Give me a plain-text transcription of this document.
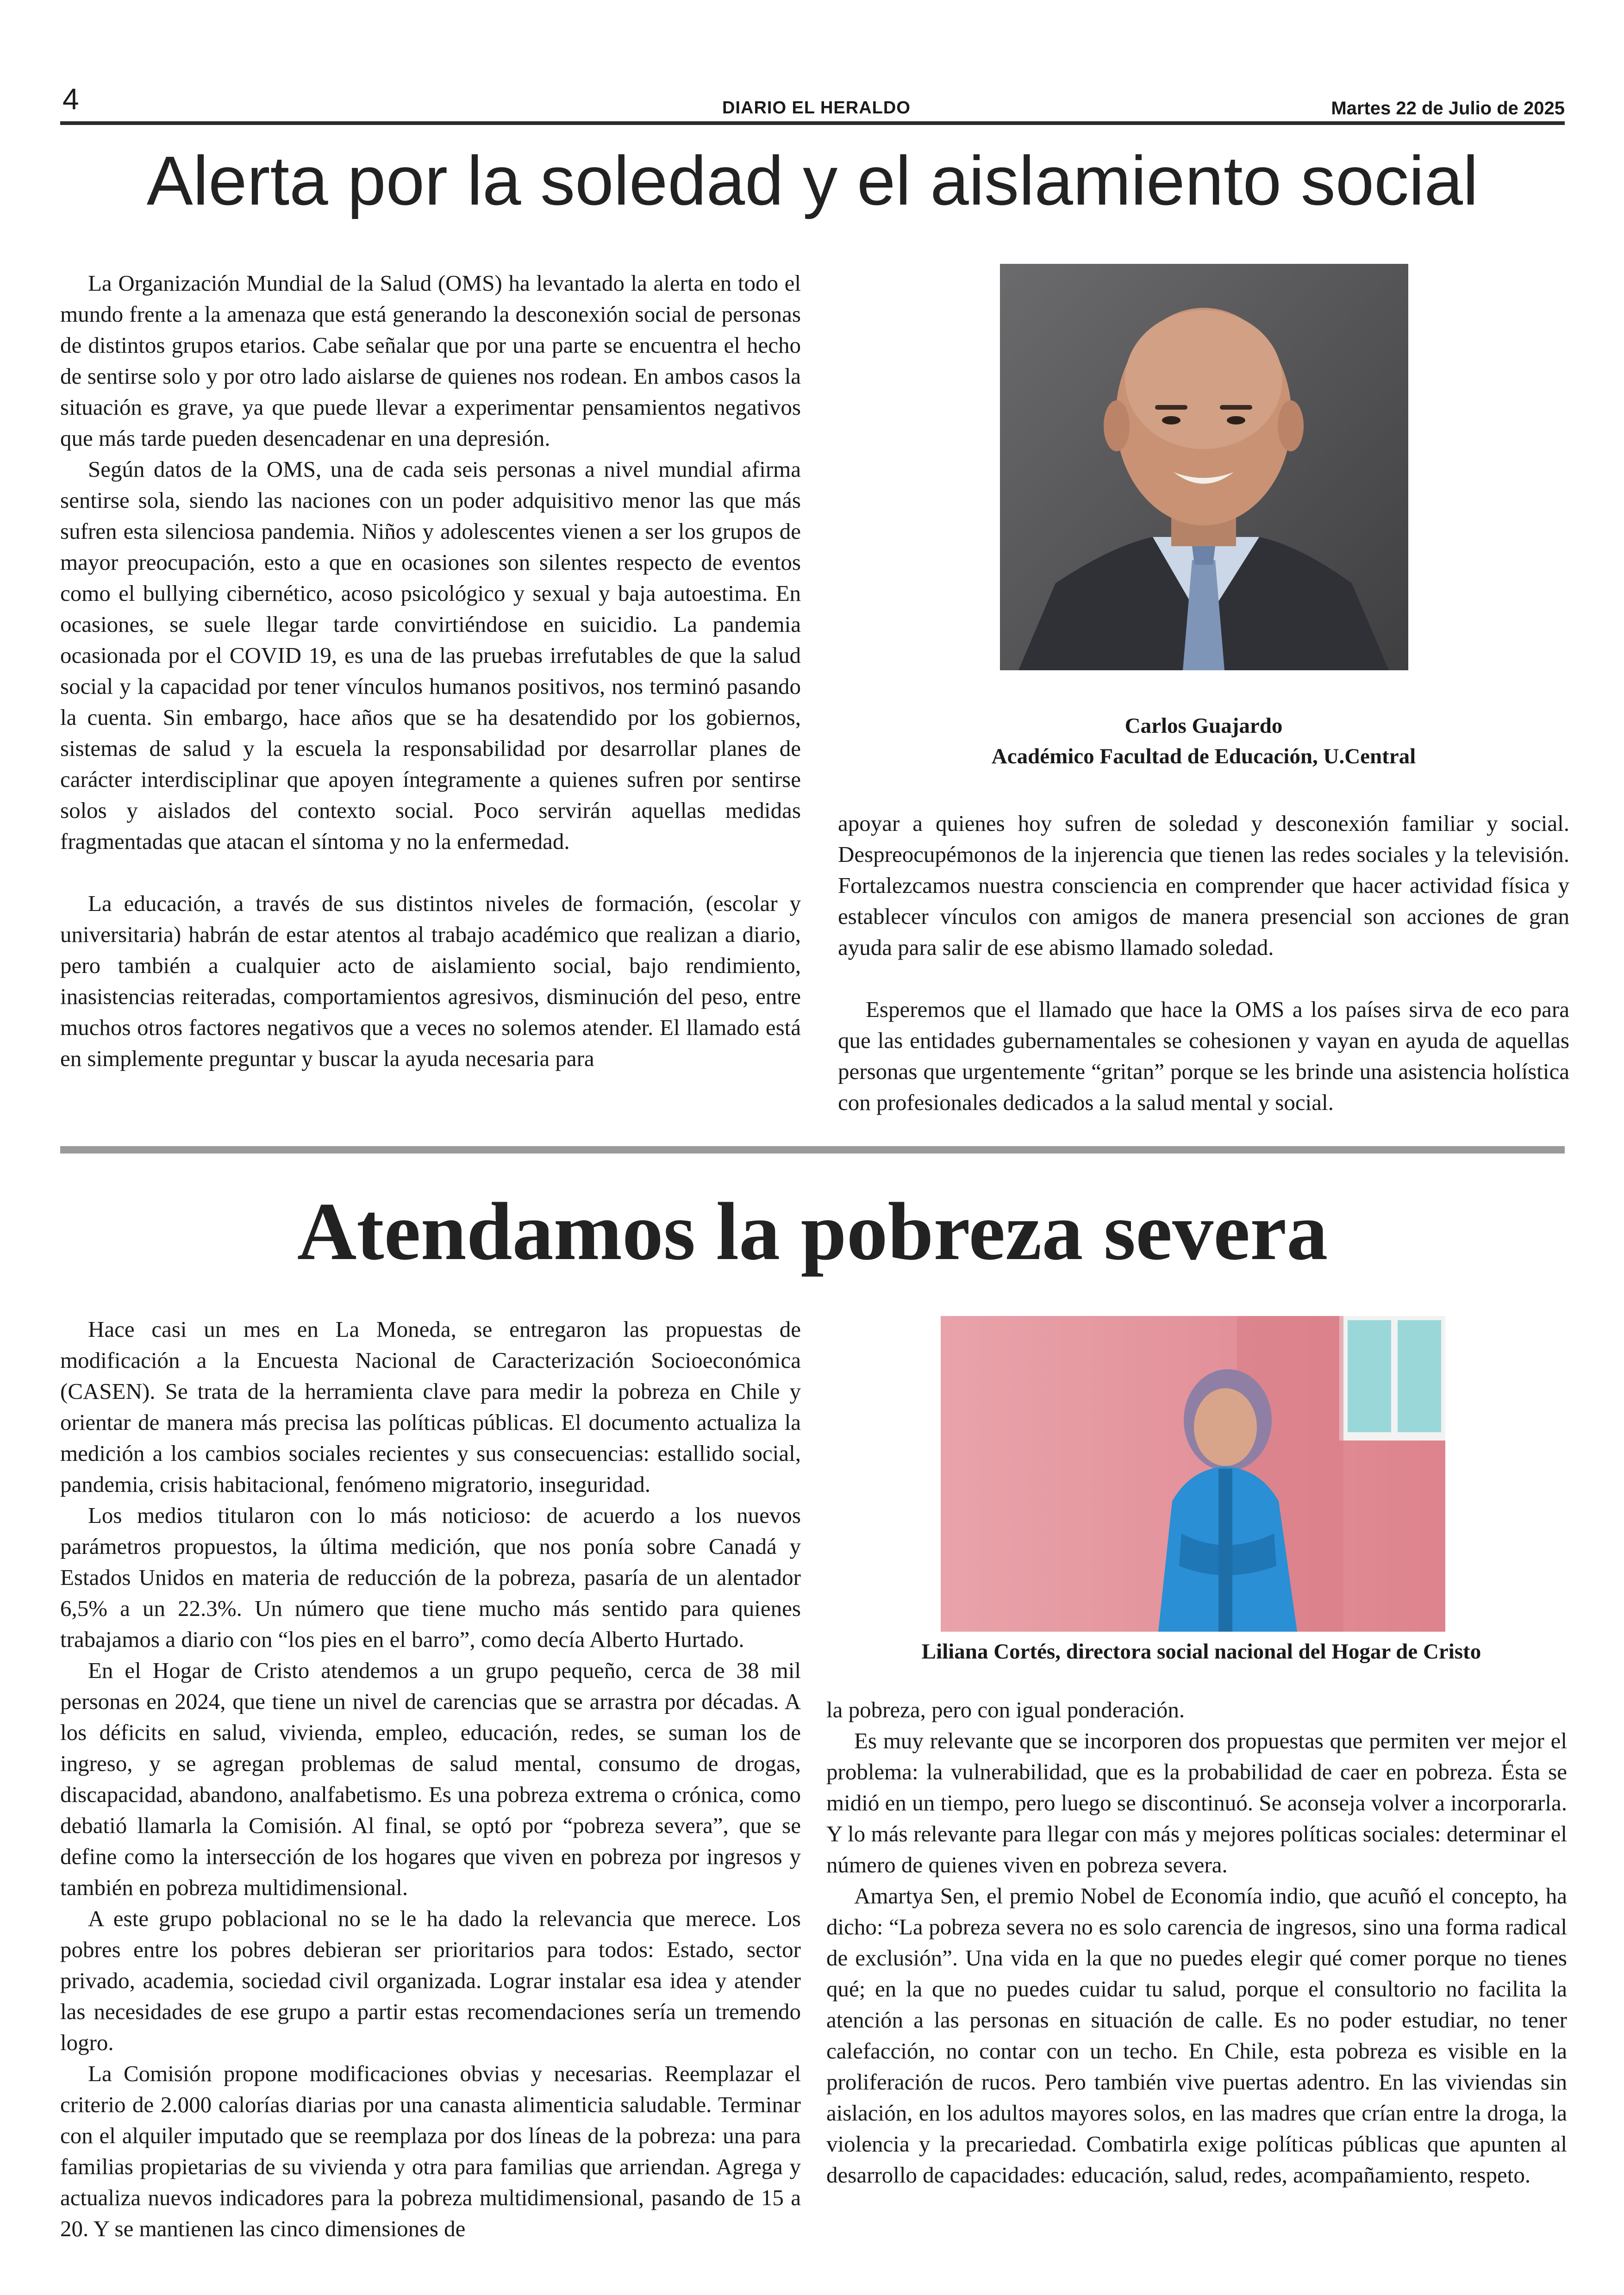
4	DIARIO EL HERALDO	Martes 22 de Julio de 2025
Alerta por la soledad y el aislamiento social

La Organización Mundial de la Salud (OMS) ha levantado la alerta en todo el mundo frente a la amenaza que está generando la desconexión social de personas de distintos grupos etarios. Cabe señalar que por una parte se encuentra el hecho de sentirse solo y por otro lado aislarse de quienes nos rodean. En ambos casos la situación es grave, ya que puede llevar a experimentar pensamientos negativos que más tarde pueden desencadenar en una depresión.

Según datos de la OMS, una de cada seis personas a nivel mundial afirma sentirse sola, siendo las naciones con un poder adquisitivo menor las que más sufren esta silenciosa pandemia. Niños y adolescentes vienen a ser los grupos de mayor preocupación, esto a que en ocasiones son silentes respecto de eventos como el bullying cibernético, acoso psicológico y sexual y baja autoestima. En ocasiones, se suele llegar tarde convirtiéndose en suicidio. La pandemia ocasionada por el COVID 19, es una de las pruebas irrefutables de que la salud social y la capacidad por tener vínculos humanos positivos, nos terminó pasando la cuenta. Sin embargo, hace años que se ha desatendido por los gobiernos, sistemas de salud y la escuela la responsabilidad por desarrollar planes de carácter interdisciplinar que apoyen íntegramente a quienes sufren por sentirse solos y aislados del contexto social. Poco servirán aquellas medidas fragmentadas que atacan el síntoma y no la enfermedad.

La educación, a través de sus distintos niveles de formación, (escolar y universitaria) habrán de estar atentos al trabajo académico que realizan a diario, pero también a cualquier acto de aislamiento social, bajo rendimiento, inasistencias reiteradas, comportamientos agresivos, disminución del peso, entre muchos otros factores negativos que a veces no solemos atender. El llamado está en simplemente preguntar y buscar la ayuda necesaria para

Carlos Guajardo
Académico Facultad de Educación, U.Central

apoyar a quienes hoy sufren de soledad y desconexión familiar y social. Despreocupémonos de la injerencia que tienen las redes sociales y la televisión. Fortalezcamos nuestra consciencia en comprender que hacer actividad física y establecer vínculos con amigos de manera presencial son acciones de gran ayuda para salir de ese abismo llamado soledad.

Esperemos que el llamado que hace la OMS a los países sirva de eco para que las entidades gubernamentales se cohesionen y vayan en ayuda de aquellas personas que urgentemente “gritan” porque se les brinde una asistencia holística con profesionales dedicados a la salud mental y social.

Atendamos la pobreza severa

Hace casi un mes en La Moneda, se entregaron las propuestas de modificación a la Encuesta Nacional de Caracterización Socioeconómica (CASEN). Se trata de la herramienta clave para medir la pobreza en Chile y orientar de manera más precisa las políticas públicas. El documento actualiza la medición a los cambios sociales recientes y sus consecuencias: estallido social, pandemia, crisis habitacional, fenómeno migratorio, inseguridad.

Los medios titularon con lo más noticioso: de acuerdo a los nuevos parámetros propuestos, la última medición, que nos ponía sobre Canadá y Estados Unidos en materia de reducción de la pobreza, pasaría de un alentador 6,5% a un 22.3%. Un número que tiene mucho más sentido para quienes trabajamos a diario con “los pies en el barro”, como decía Alberto Hurtado.

En el Hogar de Cristo atendemos a un grupo pequeño, cerca de 38 mil personas en 2024, que tiene un nivel de carencias que se arrastra por décadas. A los déficits en salud, vivienda, empleo, educación, redes, se suman los de ingreso, y se agregan problemas de salud mental, consumo de drogas, discapacidad, abandono, analfabetismo. Es una pobreza extrema o crónica, como debatió llamarla la Comisión. Al final, se optó por “pobreza severa”, que se define como la intersección de los hogares que viven en pobreza por ingresos y también en pobreza multidimensional.

A este grupo poblacional no se le ha dado la relevancia que merece. Los pobres entre los pobres debieran ser prioritarios para todos: Estado, sector privado, academia, sociedad civil organizada. Lograr instalar esa idea y atender las necesidades de ese grupo a partir estas recomendaciones sería un tremendo logro.

La Comisión propone modificaciones obvias y necesarias. Reemplazar el criterio de 2.000 calorías diarias por una canasta alimenticia saludable. Terminar con el alquiler imputado que se reemplaza por dos líneas de la pobreza: una para familias propietarias de su vivienda y otra para familias que arriendan. Agrega y actualiza nuevos indicadores para la pobreza multidimensional, pasando de 15 a 20. Y se mantienen las cinco dimensiones de

Liliana Cortés, directora social nacional del Hogar de Cristo

la pobreza, pero con igual ponderación.

Es muy relevante que se incorporen dos propuestas que permiten ver mejor el problema: la vulnerabilidad, que es la probabilidad de caer en pobreza. Ésta se midió en un tiempo, pero luego se discontinuó. Se aconseja volver a incorporarla. Y lo más relevante para llegar con más y mejores políticas sociales: determinar el número de quienes viven en pobreza severa.

Amartya Sen, el premio Nobel de Economía indio, que acuñó el concepto, ha dicho: “La pobreza severa no es solo carencia de ingresos, sino una forma radical de exclusión”. Una vida en la que no puedes elegir qué comer porque no tienes qué; en la que no puedes cuidar tu salud, porque el consultorio no facilita la atención a las personas en situación de calle. Es no poder estudiar, no tener calefacción, no contar con un techo. En Chile, esta pobreza es visible en la proliferación de rucos. Pero también vive puertas adentro. En las viviendas sin aislación, en los adultos mayores solos, en las madres que crían entre la droga, la violencia y la precariedad. Combatirla exige políticas públicas que apunten al desarrollo de capacidades: educación, salud, redes, acompañamiento, respeto.
